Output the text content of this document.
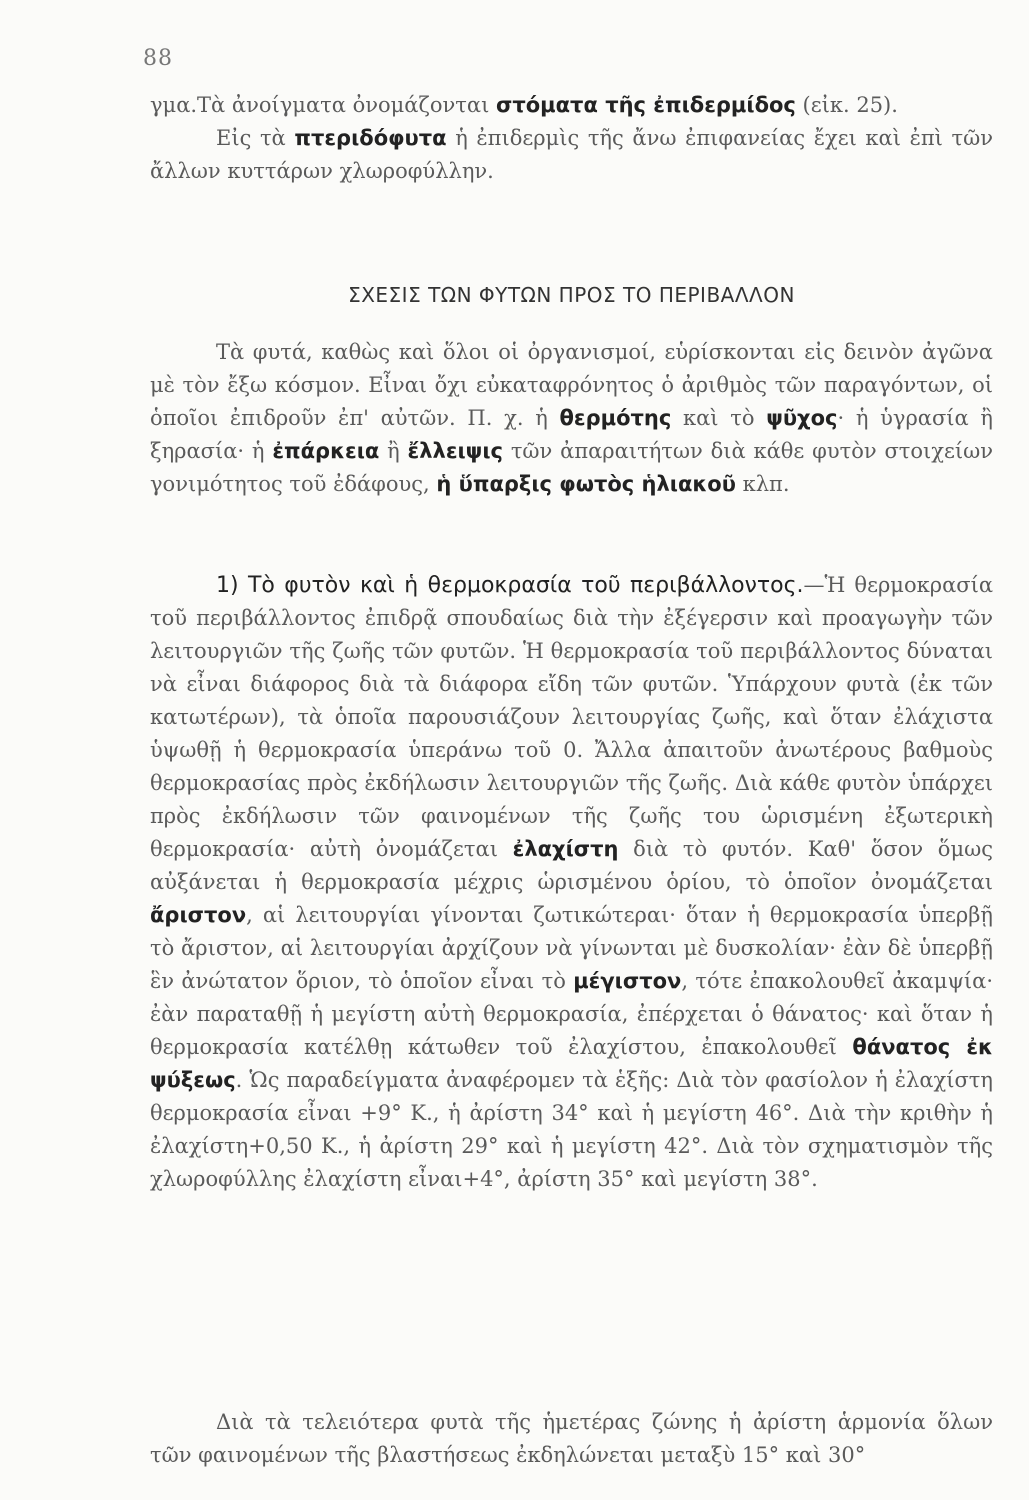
88

γμα.Τὰ ἀνοίγματα ὀνομάζονται στόματα τῆς ἐπιδερμίδος (εἰκ. 25).
Εἰς τὰ πτεριδόφυτα ἡ ἐπιδερμὶς τῆς ἄνω ἐπιφανείας ἔχει καὶ ἐπὶ τῶν ἄλλων κυττάρων χλωροφύλλην.

ΣΧΕΣΙΣ ΤΩΝ ΦΥΤΩΝ ΠΡΟΣ ΤΟ ΠΕΡΙΒΑΛΛΟΝ

Τὰ φυτά, καθὼς καὶ ὅλοι οἱ ὀργανισμοί, εὑρίσκονται εἰς δεινὸν ἀγῶνα μὲ τὸν ἔξω κόσμον. Εἶναι ὄχι εὐκαταφρόνητος ὁ ἀριθμὸς τῶν παραγόντων, οἱ ὁποῖοι ἐπιδροῦν ἐπ' αὐτῶν. Π. χ. ἡ θερμότης καὶ τὸ ψῦχος· ἡ ὑγρασία ἢ ξηρασία· ἡ ἐπάρκεια ἢ ἔλλειψις τῶν ἀπαραιτήτων διὰ κάθε φυτὸν στοιχείων γονιμότητος τοῦ ἐδάφους, ἡ ὕπαρξις φωτὸς ἡλιακοῦ κλπ.

1) Τὸ φυτὸν καὶ ἡ θερμοκρασία τοῦ περιβάλλοντος.—Ἡ θερμοκρασία τοῦ περιβάλλοντος ἐπιδρᾷ σπουδαίως διὰ τὴν ἐξέγερσιν καὶ προαγωγὴν τῶν λειτουργιῶν τῆς ζωῆς τῶν φυτῶν. Ἡ θερμοκρασία τοῦ περιβάλλοντος δύναται νὰ εἶναι διάφορος διὰ τὰ διάφορα εἴδη τῶν φυτῶν. Ὑπάρχουν φυτὰ (ἐκ τῶν κατωτέρων), τὰ ὁποῖα παρουσιάζουν λειτουργίας ζωῆς, καὶ ὅταν ἐλάχιστα ὑψωθῇ ἡ θερμοκρασία ὑπεράνω τοῦ 0. Ἄλλα ἀπαιτοῦν ἀνωτέρους βαθμοὺς θερμοκρασίας πρὸς ἐκδήλωσιν λειτουργιῶν τῆς ζωῆς. Διὰ κάθε φυτὸν ὑπάρχει πρὸς ἐκδήλωσιν τῶν φαινομένων τῆς ζωῆς του ὡρισμένη ἐξωτερικὴ θερμοκρασία· αὐτὴ ὀνομάζεται ἐλαχίστη διὰ τὸ φυτόν. Καθ' ὅσον ὅμως αὐξάνεται ἡ θερμοκρασία μέχρις ὡρισμένου ὁρίου, τὸ ὁποῖον ὀνομάζεται ἄριστον, αἱ λειτουργίαι γίνονται ζωτικώτεραι· ὅταν ἡ θερμοκρασία ὑπερβῇ τὸ ἄριστον, αἱ λειτουργίαι ἀρχίζουν νὰ γίνωνται μὲ δυσκολίαν· ἐὰν δὲ ὑπερβῇ ἓν ἀνώτατον ὅριον, τὸ ὁποῖον εἶναι τὸ μέγιστον, τότε ἐπακολουθεῖ ἀκαμψία· ἐὰν παραταθῇ ἡ μεγίστη αὐτὴ θερμοκρασία, ἐπέρχεται ὁ θάνατος· καὶ ὅταν ἡ θερμοκρασία κατέλθῃ κάτωθεν τοῦ ἐλαχίστου, ἐπακολουθεῖ θάνατος ἐκ ψύξεως. Ὡς παραδείγματα ἀναφέρομεν τὰ ἑξῆς: Διὰ τὸν φασίολον ἡ ἐλαχίστη θερμοκρασία εἶναι +9° Κ., ἡ ἀρίστη 34° καὶ ἡ μεγίστη 46°. Διὰ τὴν κριθὴν ἡ ἐλαχίστη+0,50 Κ., ἡ ἀρίστη 29° καὶ ἡ μεγίστη 42°. Διὰ τὸν σχηματισμὸν τῆς χλωροφύλλης ἐλαχίστη εἶναι+4°, ἀρίστη 35° καὶ μεγίστη 38°.

Διὰ τὰ τελειότερα φυτὰ τῆς ἡμετέρας ζώνης ἡ ἀρίστη ἁρμονία ὅλων τῶν φαινομένων τῆς βλαστήσεως ἐκδηλώνεται μεταξὺ 15° καὶ 30°
